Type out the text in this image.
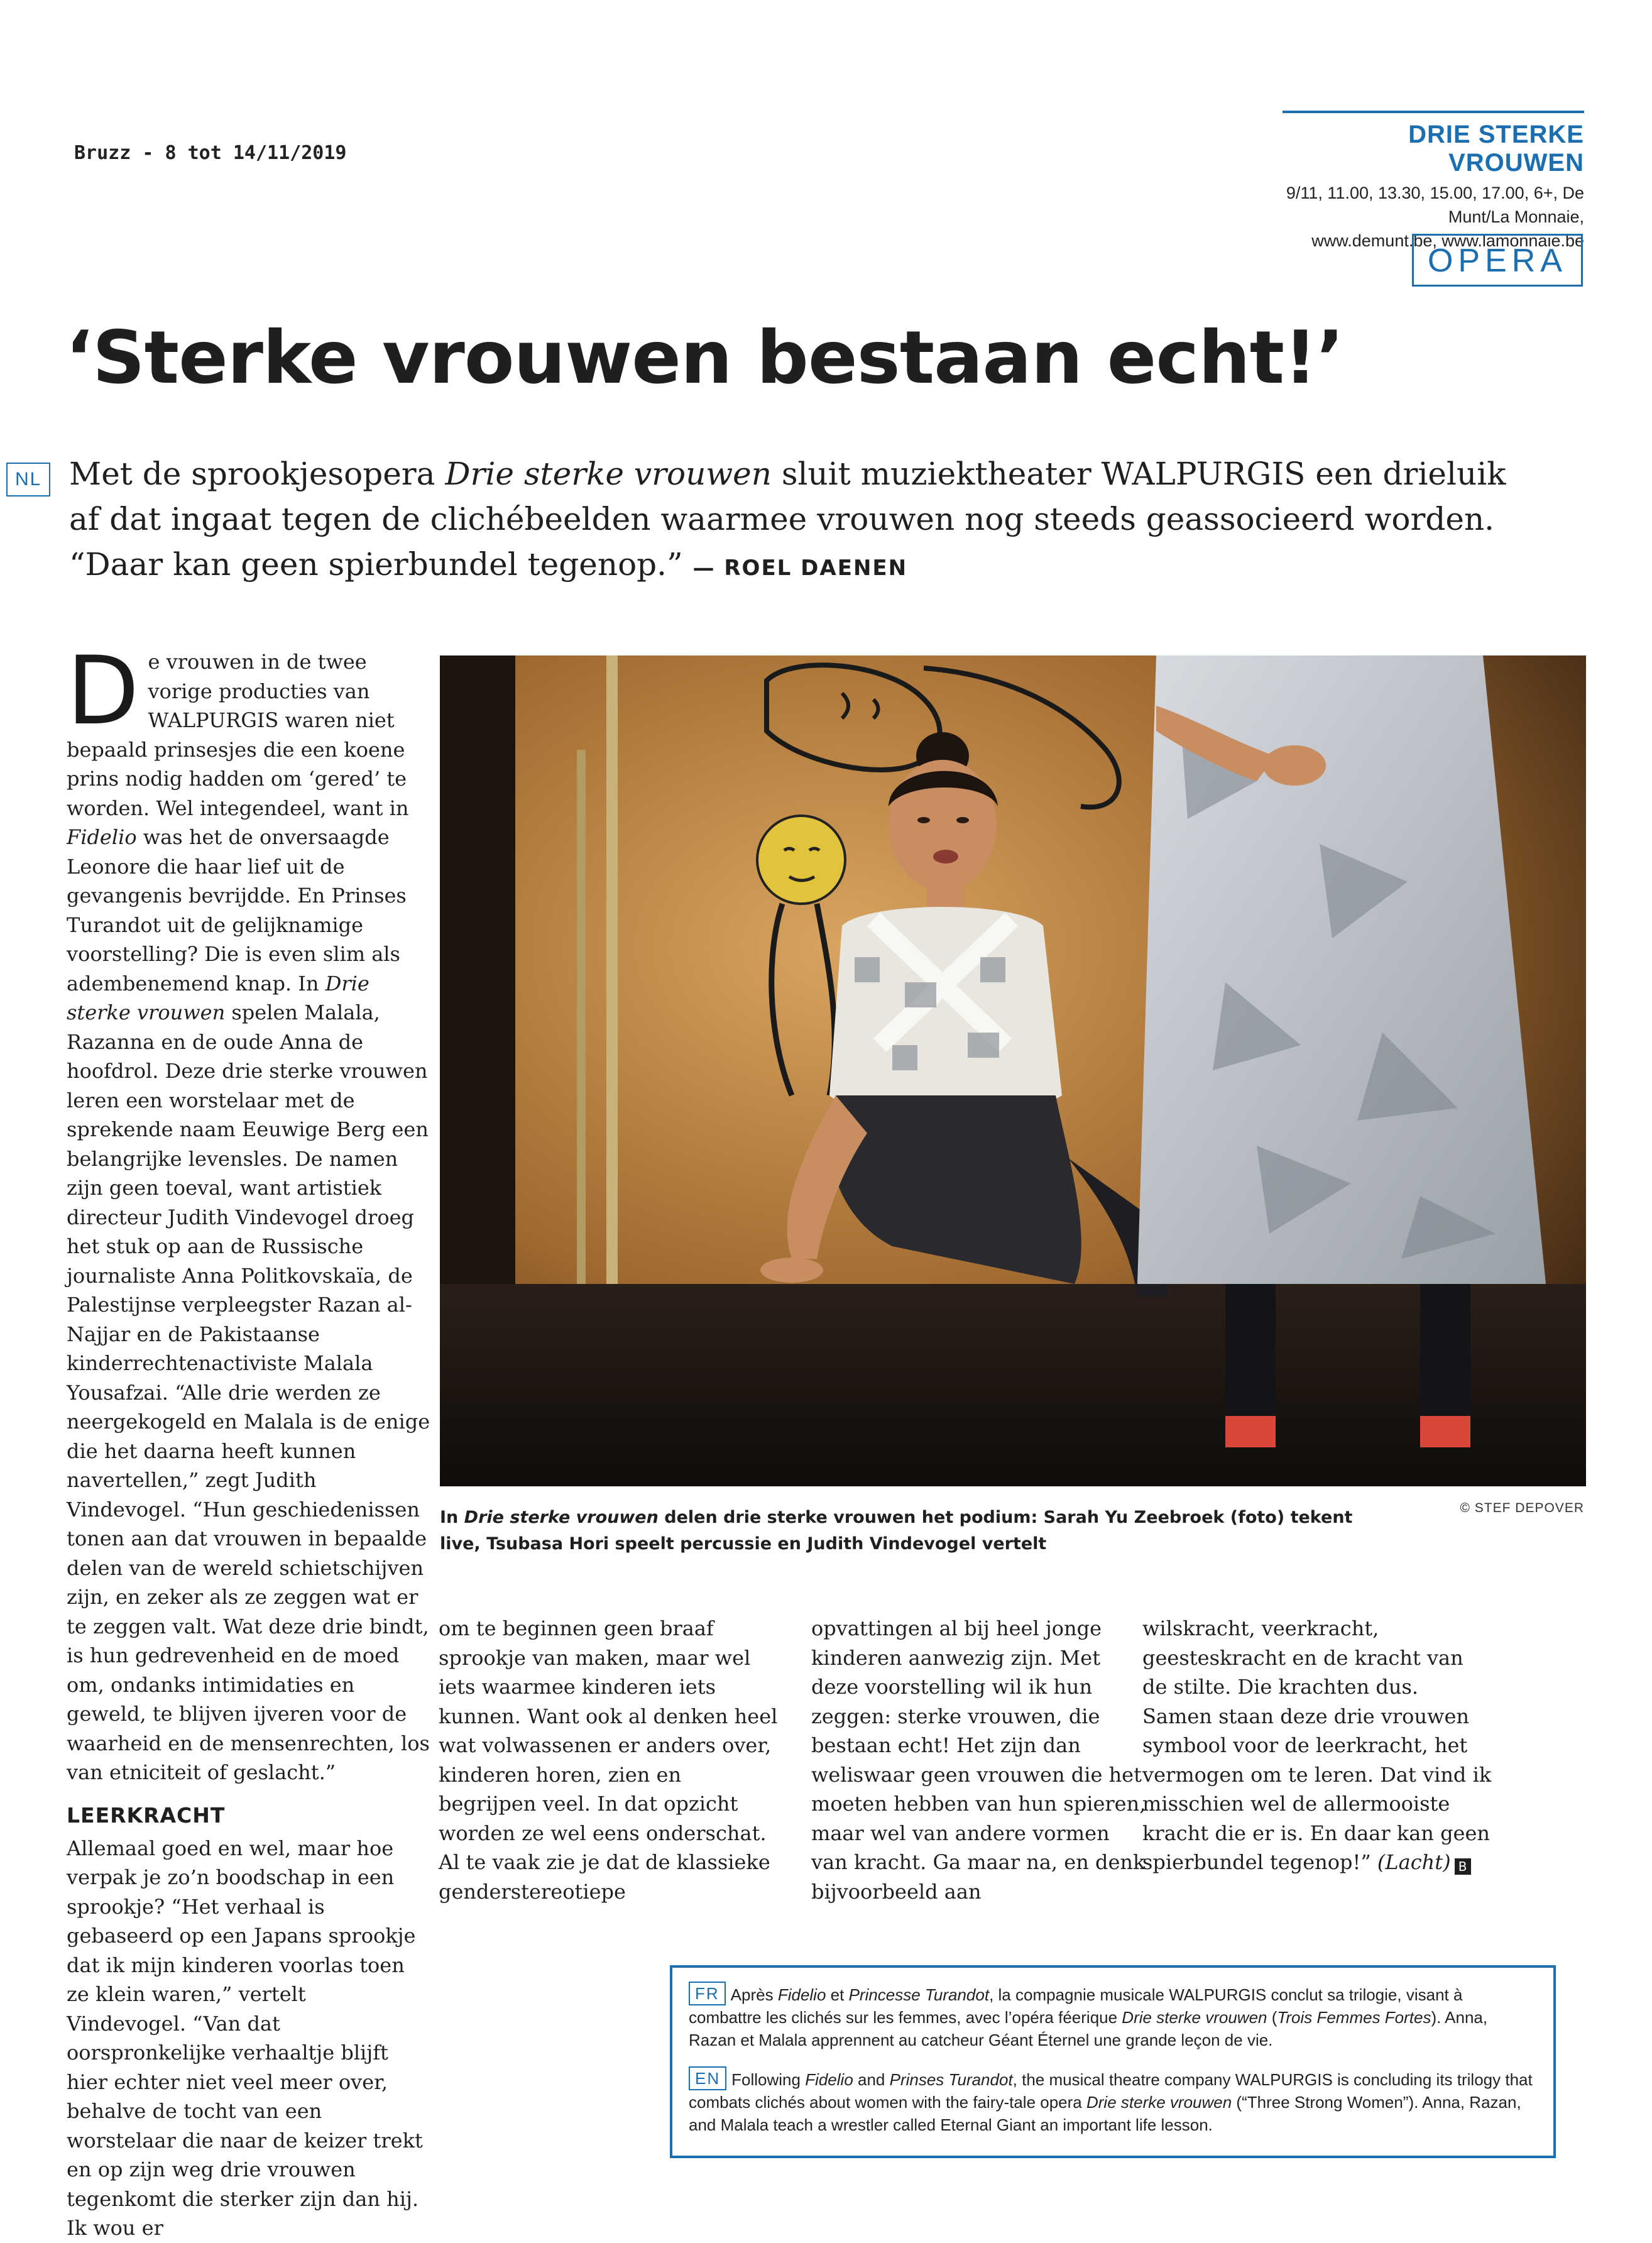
Bruzz - 8 tot 14/11/2019
DRIE STERKE VROUWEN
9/11, 11.00, 13.30, 15.00, 17.00, 6+, De Munt/La Monnaie,
www.demunt.be, www.lamonnaie.be
OPERA
‘Sterke vrouwen bestaan echt!’
NL Met de sprookjesopera Drie sterke vrouwen sluit muziektheater WALPURGIS een drieluik af dat ingaat tegen de clichébeelden waarmee vrouwen nog steeds geassocieerd worden. “Daar kan geen spierbundel tegenop.” — ROEL DAENEN
De vrouwen in de twee vorige producties van WALPURGIS waren niet bepaald prinsesjes die een koene prins nodig hadden om ‘gered’ te worden. Wel integendeel, want in Fidelio was het de onversaagde Leonore die haar lief uit de gevangenis bevrijdde. En Prinses Turandot uit de gelijknamige voorstelling? Die is even slim als adembenemend knap. In Drie sterke vrouwen spelen Malala, Razanna en de oude Anna de hoofdrol. Deze drie sterke vrouwen leren een worstelaar met de sprekende naam Eeuwige Berg een belangrijke levensles. De namen zijn geen toeval, want artistiek directeur Judith Vindevogel droeg het stuk op aan de Russische journaliste Anna Politkovskaïa, de Palestijnse verpleegster Razan al-Najjar en de Pakistaanse kinderrechtenactiviste Malala Yousafzai. “Alle drie werden ze neergekogeld en Malala is de enige die het daarna heeft kunnen navertellen,” zegt Judith Vindevogel. “Hun geschiedenissen tonen aan dat vrouwen in bepaalde delen van de wereld schietschijven zijn, en zeker als ze zeggen wat er te zeggen valt. Wat deze drie bindt, is hun gedrevenheid en de moed om, ondanks intimidaties en geweld, te blijven ijveren voor de waarheid en de mensenrechten, los van etniciteit of geslacht.”
LEERKRACHT
Allemaal goed en wel, maar hoe verpak je zo’n boodschap in een sprookje? “Het verhaal is gebaseerd op een Japans sprookje dat ik mijn kinderen voorlas toen ze klein waren,” vertelt Vindevogel. “Van dat oorspronkelijke verhaaltje blijft hier echter niet veel meer over, behalve de tocht van een worstelaar die naar de keizer trekt en op zijn weg drie vrouwen tegenkomt die sterker zijn dan hij. Ik wou er
In Drie sterke vrouwen delen drie sterke vrouwen het podium: Sarah Yu Zeebroek (foto) tekent live, Tsubasa Hori speelt percussie en Judith Vindevogel vertelt
© STEF DEPOVER
om te beginnen geen braaf sprookje van maken, maar wel iets waarmee kinderen iets kunnen. Want ook al denken heel wat volwassenen er anders over, kinderen horen, zien en begrijpen veel. In dat opzicht worden ze wel eens onderschat. Al te vaak zie je dat de klassieke genderstereotiepe
opvattingen al bij heel jonge kinderen aanwezig zijn. Met deze voorstelling wil ik hun zeggen: sterke vrouwen, die bestaan echt! Het zijn dan weliswaar geen vrouwen die het moeten hebben van hun spieren, maar wel van andere vormen van kracht. Ga maar na, en denk bijvoorbeeld aan
wilskracht, veerkracht, geesteskracht en de kracht van de stilte. Die krachten dus. Samen staan deze drie vrouwen symbool voor de leerkracht, het vermogen om te leren. Dat vind ik misschien wel de allermooiste kracht die er is. En daar kan geen spierbundel tegenop!” (Lacht) B

FR Après Fidelio et Princesse Turandot, la compagnie musicale WALPURGIS conclut sa trilogie, visant à combattre les clichés sur les femmes, avec l’opéra féerique Drie sterke vrouwen (Trois Femmes Fortes). Anna, Razan et Malala apprennent au catcheur Géant Éternel une grande leçon de vie.

EN Following Fidelio and Prinses Turandot, the musical theatre company WALPURGIS is concluding its trilogy that combats clichés about women with the fairy-tale opera Drie sterke vrouwen (“Three Strong Women”). Anna, Razan, and Malala teach a wrestler called Eternal Giant an important life lesson.
